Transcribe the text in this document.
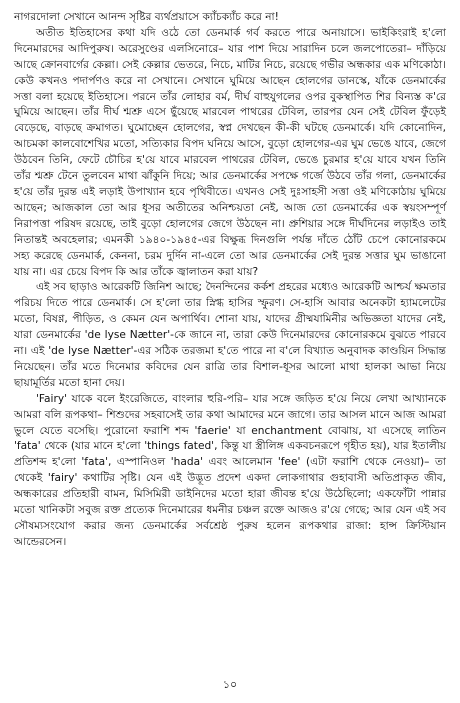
নাগরদোলা সেখানে আনন্দ সৃষ্টির ব্যর্থপ্রয়াসে ক্যাঁচক্যাঁচ করে না!

অতীত ইতিহাসের কথা যদি ওঠে তো ডেনমার্ক গর্ব করতে পারে অনায়াসে। ভাইকিংরাই হ'লো দিনেমারদের আদিপুরুষ। অরেসুণ্ডের এলসিনোরে– যার পাশ দিয়ে সারাদিন চলে জলপোতেরা– দাঁড়িয়ে আছে ক্রোনবার্গের কেল্লা। সেই কেল্লার ভেতরে, নিচে, মাটির নিচে, রয়েছে গভীর অন্ধকার এক মণিকোঠা। কেউ কখনও পদার্পণও করে না সেখানে। সেখানে ঘুমিয়ে আছেন হোলগের ডানস্কে, যাঁকে ডেনমার্কের সত্তা বলা হয়েছে ইতিহাসে। পরনে তাঁর লোহার বর্ম, দীর্ঘ বাহুযুগলের ওপর বুকস্থাপিত শির বিন্যস্ত ক'রে ঘুমিয়ে আছেন। তাঁর দীর্ঘ শ্মশ্রু এসে ছুঁয়েছে মারবেল পাথরের টেবিল, তারপর যেন সেই টেবিল ফুঁড়েই বেড়েছে, বাড়ছে ক্রমাগত। ঘুমোচ্ছেন হোলগের, স্বপ্ন দেখছেন কী-কী ঘটছে ডেনমার্কে। যদি কোনোদিন, আচমকা কালবোশেখির মতো, সত্যিকার বিপদ ঘনিয়ে আসে, বুড়ো হোলগের-এর ঘুম ভেঙে যাবে, জেগে উঠবেন তিনি, ফেটে চৌচির হ'য়ে যাবে মারবেল পাথরের টেবিল, ভেঙে চুরমার হ'য়ে যাবে যখন তিনি তাঁর শ্মশ্রু টেনে তুলবেন মাথা ঝাঁকুনি দিয়ে; আর ডেনমার্কের সপক্ষে গর্জে উঠবে তাঁর গলা, ডেনমার্কের হ'য়ে তাঁর দুরন্ত এই লড়াই উপাখ্যান হবে পৃথিবীতে। এখনও সেই দুঃসাহসী সত্তা ওই মণিকোঠায় ঘুমিয়ে আছেন; আজকাল তো আর ধূসর অতীতের অনিশ্চয়তা নেই, আজ তো ডেনমার্কের এক স্বয়ংসম্পূর্ণ নিরাপত্তা পরিষদ রয়েছে, তাই বুড়ো হোলগের জেগে উঠছেন না। প্রুশিয়ার সঙ্গে দীর্ঘদিনের লড়াইও তাই নিতান্তই অবহেলার; এমনকী ১৯৪০-১৯৪৫-এর বিক্ষুব্ধ দিনগুলি পর্যন্ত দাঁতে ঠোঁট চেপে কোনোরকমে সহ্য করেছে ডেনমার্ক, কেননা, চরম দুর্দিন না-এলে তো আর ডেনমার্কের সেই দুরন্ত সত্তার ঘুম ভাঙানো যায় না। এর চেয়ে বিপদ কি আর তাঁকে জ্বালাতন করা যায়?

এই সব ছাড়াও আরেকটি জিনিশ আছে; দৈনন্দিনের কর্কশ প্রহরের মধ্যেও আরেকটি আশ্চর্য ক্ষমতার পরিচয় দিতে পারে ডেনমার্ক। সে হ'লো তার স্নিগ্ধ হাসির স্ফুরণ। সে-হাসি আবার অনেকটা হ্যামলেটের মতো, বিষণ্ণ, পীড়িত, ও কেমন যেন অপার্থিব। শোনা যায়, যাদের গ্রীষ্মযামিনীর অভিজ্ঞতা যাদের নেই, যারা ডেনমার্কের 'de lyse Nætter'-কে জানে না, তারা কেউ দিনেমারদের কোনোরকমে বুঝতে পারবে না। এই 'de lyse Nætter'-এর সঠিক তরজমা হ'তে পারে না ব'লে বিখ্যাত অনুবাদক কাণ্ডয়িন সিদ্ধান্ত নিয়েছেন। তাঁর মতে দিনেমার কবিদের যেন রাত্রি তার বিশাল-ধূসর আলো মাথা হালকা আভা নিয়ে ছায়ামূর্তির মতো হানা দেয়।

'Fairy' যাকে বলে ইংরেজিতে, বাংলার হুরি-পরি– যার সঙ্গে জড়িত হ'য়ে নিয়ে লেখা আখ্যানকে আমরা বলি রূপকথা– শিশুদের সহবাসেই তার কথা আমাদের মনে জাগে। তার আসল মানে আজ আমরা ভুলে যেতে বসেছি। পুরোনো ফরাশি শব্দ 'faerie' যা enchantment বোঝায়, যা এসেছে লাতিন 'fata' থেকে (যার মানে হ'লো 'things fated', কিন্তু যা স্ত্রীলিঙ্গ একবচনরূপে গৃহীত হয়), যার ইতালীয় প্রতিশব্দ হ'লো 'fata', এস্পানিওল 'hada' এবং আলেমান 'fee' (এটা ফরাশি থেকে নেওয়া)– তা থেকেই 'fairy' কথাটির সৃষ্টি। যেন এই উদ্ভূত প্রদেশ একদা লোকগাথার গুহাবাসী অতিপ্রাকৃত জীব, অন্ধকারের প্রতিহারী বামন, মিসিমিরী ডাইনিদের মতো হারা জীবন্ত হ'য়ে উঠেছিলো; একফোঁটা পান্নার মতো খানিকটা সবুজ রক্ত প্রত্যেক দিনেমারের ধমনীর চঞ্চল রক্তে আজও র'য়ে গেছে; আর যেন এই সব সৌষম্যসংযোগ করার জন্য ডেনমার্কের সর্বশ্রেষ্ঠ পুরুষ হলেন রূপকথার রাজা: হান্স ক্রিস্টিয়ান আন্ডেরসেন।

১০
